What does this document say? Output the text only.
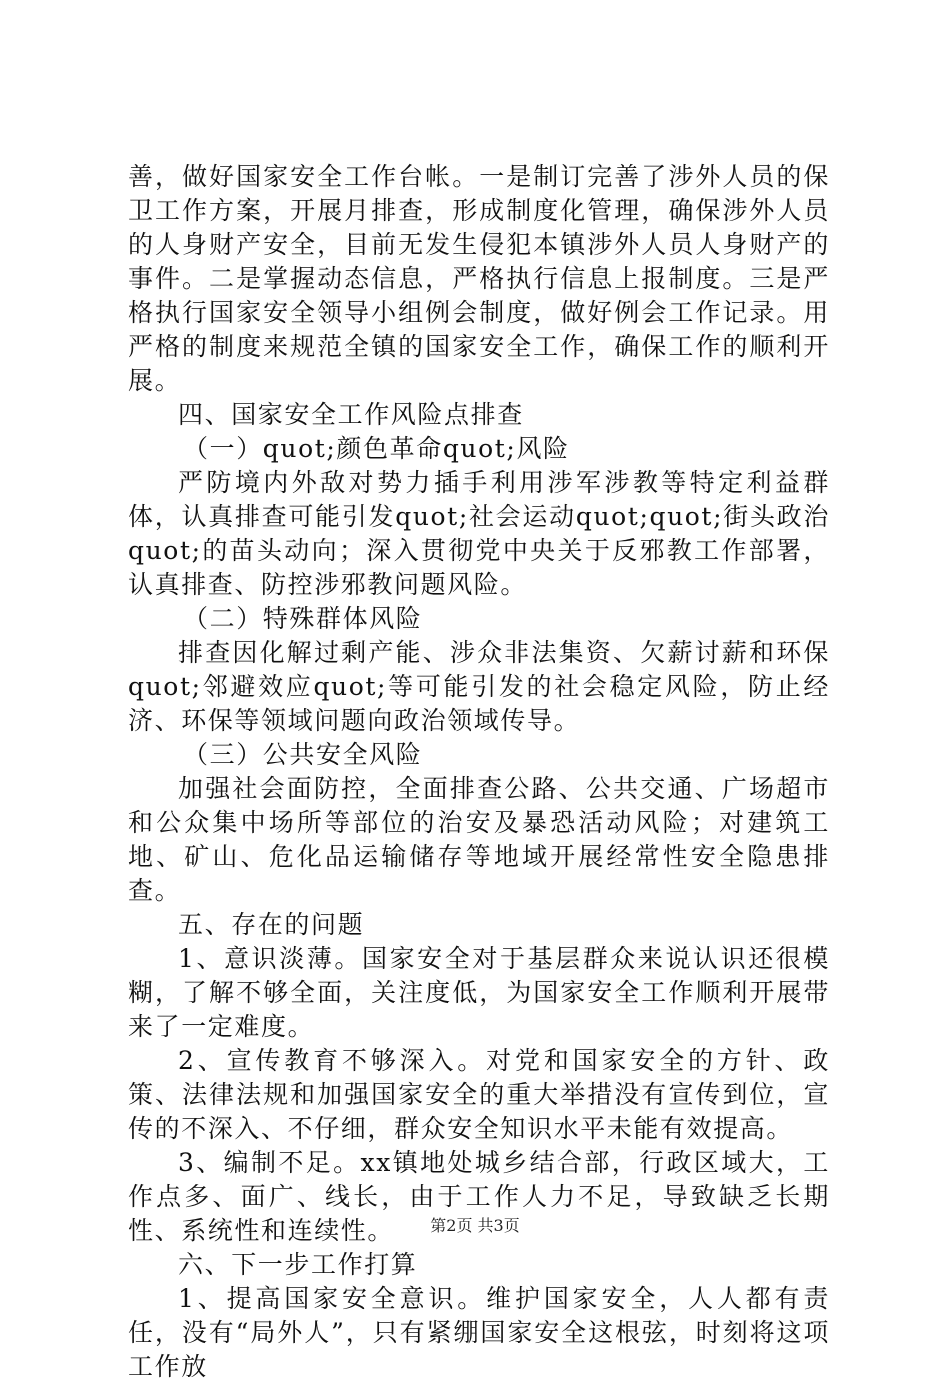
善，做好国家安全工作台帐。一是制订完善了涉外人员的保卫工作方案，开展月排查，形成制度化管理，确保涉外人员的人身财产安全，目前无发生侵犯本镇涉外人员人身财产的事件。二是掌握动态信息，严格执行信息上报制度。三是严格执行国家安全领导小组例会制度，做好例会工作记录。用严格的制度来规范全镇的国家安全工作，确保工作的顺利开展。

四、国家安全工作风险点排查

（一）quot;颜色革命quot;风险

严防境内外敌对势力插手利用涉军涉教等特定利益群体，认真排查可能引发quot;社会运动quot;quot;街头政治quot;的苗头动向；深入贯彻党中央关于反邪教工作部署，认真排查、防控涉邪教问题风险。

（二）特殊群体风险

排查因化解过剩产能、涉众非法集资、欠薪讨薪和环保quot;邻避效应quot;等可能引发的社会稳定风险，防止经济、环保等领域问题向政治领域传导。

（三）公共安全风险

加强社会面防控，全面排查公路、公共交通、广场超市和公众集中场所等部位的治安及暴恐活动风险；对建筑工地、矿山、危化品运输储存等地域开展经常性安全隐患排查。

五、存在的问题

1、意识淡薄。国家安全对于基层群众来说认识还很模糊，了解不够全面，关注度低，为国家安全工作顺利开展带来了一定难度。

2、宣传教育不够深入。对党和国家安全的方针、政策、法律法规和加强国家安全的重大举措没有宣传到位，宣传的不深入、不仔细，群众安全知识水平未能有效提高。

3、编制不足。xx镇地处城乡结合部，行政区域大，工作点多、面广、线长，由于工作人力不足，导致缺乏长期性、系统性和连续性。

六、下一步工作打算

1、提高国家安全意识。维护国家安全，人人都有责任，没有“局外人”，只有紧绷国家安全这根弦，时刻将这项工作放

第2页 共3页
